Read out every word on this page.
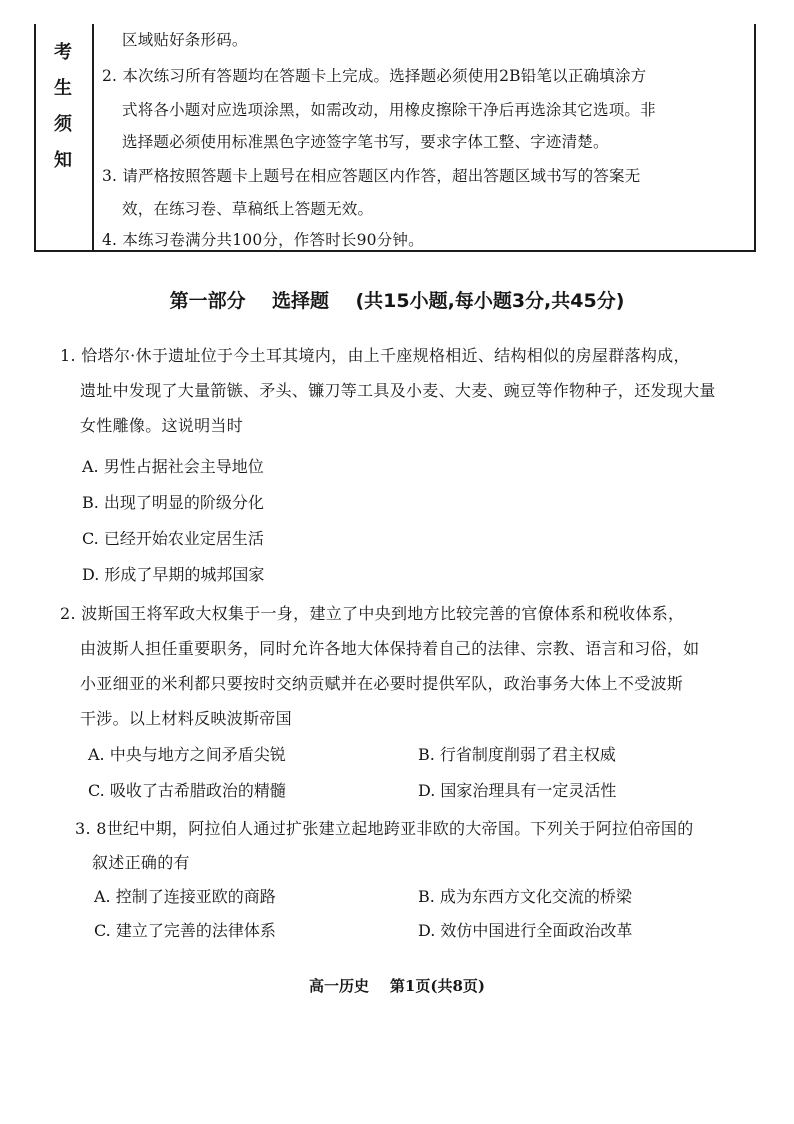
考
生
须
知
区域贴好条形码。
2. 本次练习所有答题均在答题卡上完成。选择题必须使用2B铅笔以正确填涂方
式将各小题对应选项涂黑，如需改动，用橡皮擦除干净后再选涂其它选项。非
选择题必须使用标准黑色字迹签字笔书写，要求字体工整、字迹清楚。
3. 请严格按照答题卡上题号在相应答题区内作答，超出答题区域书写的答案无
效，在练习卷、草稿纸上答题无效。
4. 本练习卷满分共100分，作答时长90分钟。
第一部分    选择题    (共15小题,每小题3分,共45分)
1. 恰塔尔·休于遗址位于今土耳其境内，由上千座规格相近、结构相似的房屋群落构成，
遗址中发现了大量箭镞、矛头、镰刀等工具及小麦、大麦、豌豆等作物种子，还发现大量
女性雕像。这说明当时
A. 男性占据社会主导地位
B. 出现了明显的阶级分化
C. 已经开始农业定居生活
D. 形成了早期的城邦国家
2. 波斯国王将军政大权集于一身，建立了中央到地方比较完善的官僚体系和税收体系，
由波斯人担任重要职务，同时允许各地大体保持着自己的法律、宗教、语言和习俗，如
小亚细亚的米利都只要按时交纳贡赋并在必要时提供军队，政治事务大体上不受波斯
干涉。以上材料反映波斯帝国
A. 中央与地方之间矛盾尖锐	B. 行省制度削弱了君主权威
C. 吸收了古希腊政治的精髓	D. 国家治理具有一定灵活性
3. 8世纪中期，阿拉伯人通过扩张建立起地跨亚非欧的大帝国。下列关于阿拉伯帝国的
叙述正确的有
A. 控制了连接亚欧的商路	B. 成为东西方文化交流的桥梁
C. 建立了完善的法律体系	D. 效仿中国进行全面政治改革
高一历史    第1页(共8页)
